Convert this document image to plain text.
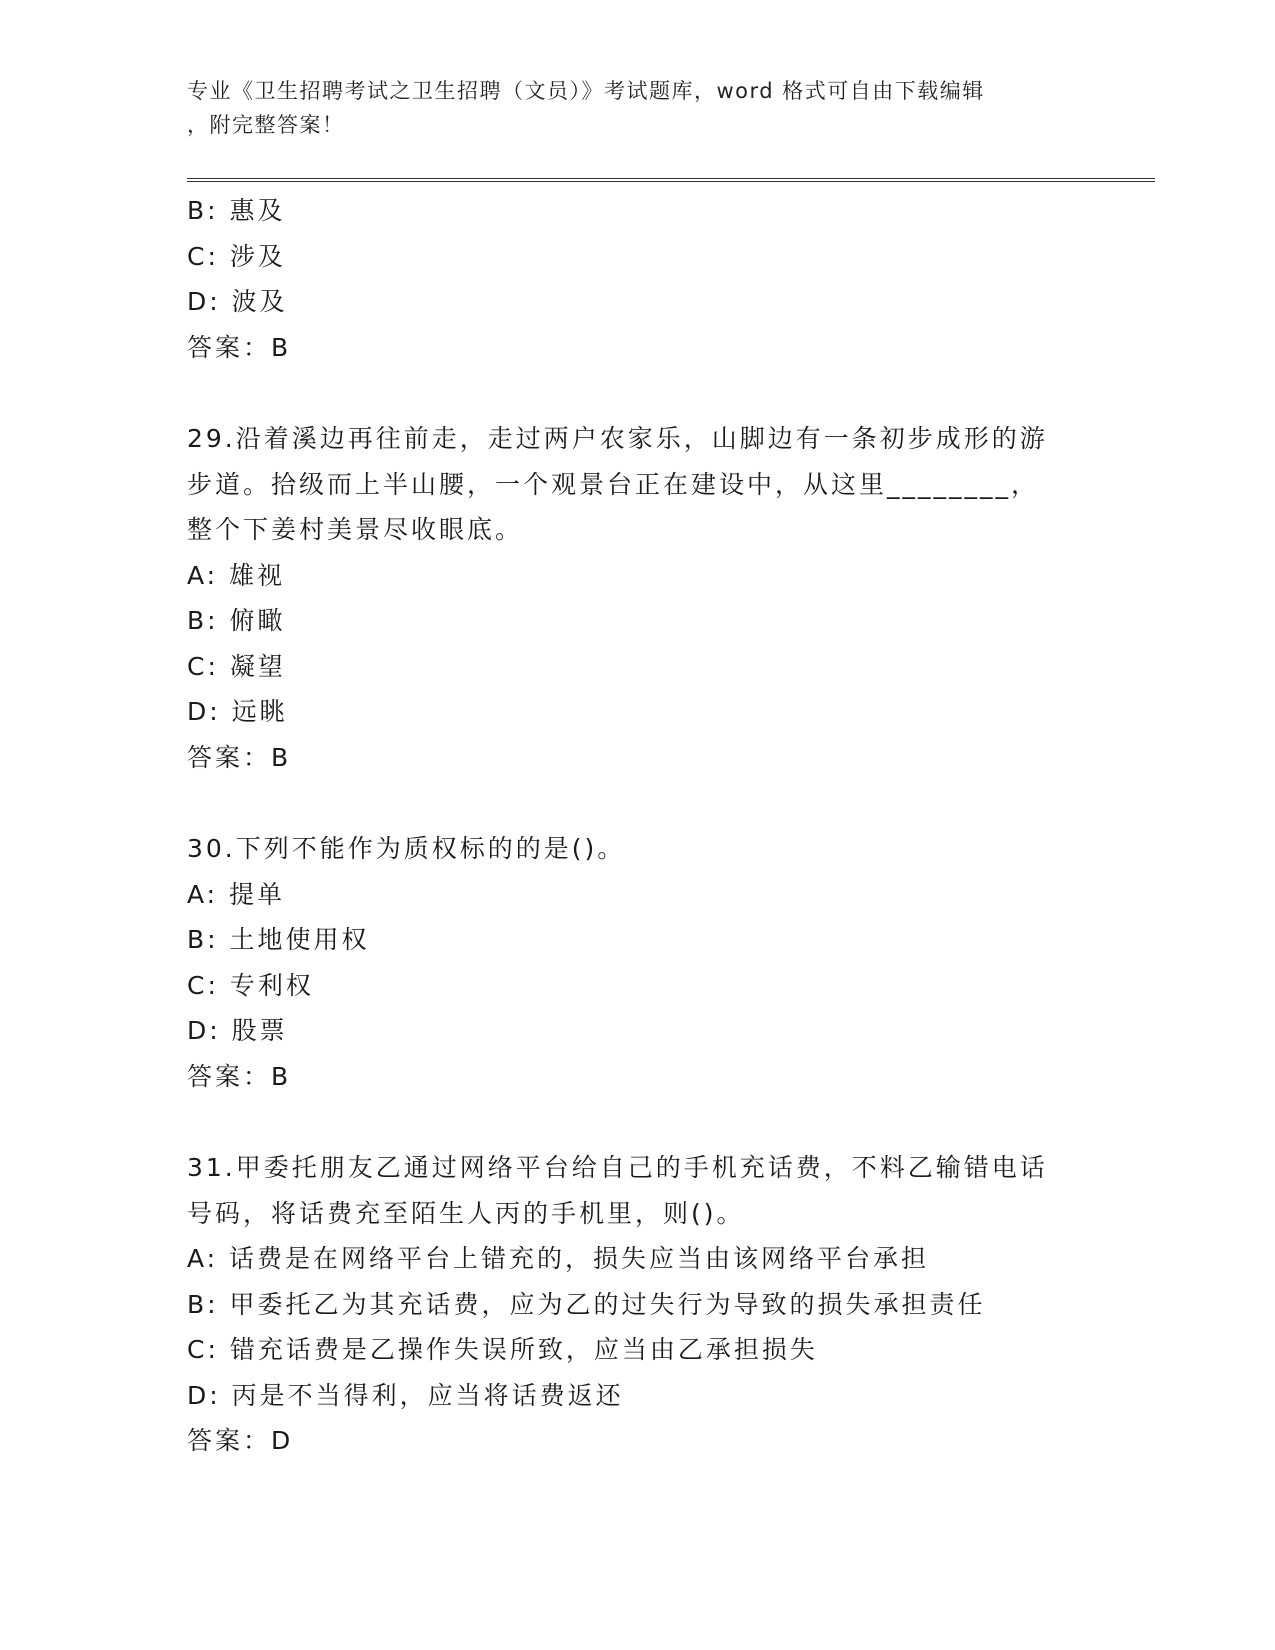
专业《卫生招聘考试之卫生招聘（文员）》考试题库，word 格式可自由下载编辑
，附完整答案！
B: 惠及
C: 涉及
D: 波及
答案：B
29.沿着溪边再往前走，走过两户农家乐，山脚边有一条初步成形的游
步道。拾级而上半山腰，一个观景台正在建设中，从这里________，
整个下姜村美景尽收眼底。
A: 雄视
B: 俯瞰
C: 凝望
D: 远眺
答案：B
30.下列不能作为质权标的的是()。
A: 提单
B: 土地使用权
C: 专利权
D: 股票
答案：B
31.甲委托朋友乙通过网络平台给自己的手机充话费，不料乙输错电话
号码，将话费充至陌生人丙的手机里，则()。
A: 话费是在网络平台上错充的，损失应当由该网络平台承担
B: 甲委托乙为其充话费，应为乙的过失行为导致的损失承担责任
C: 错充话费是乙操作失误所致，应当由乙承担损失
D: 丙是不当得利，应当将话费返还
答案：D
